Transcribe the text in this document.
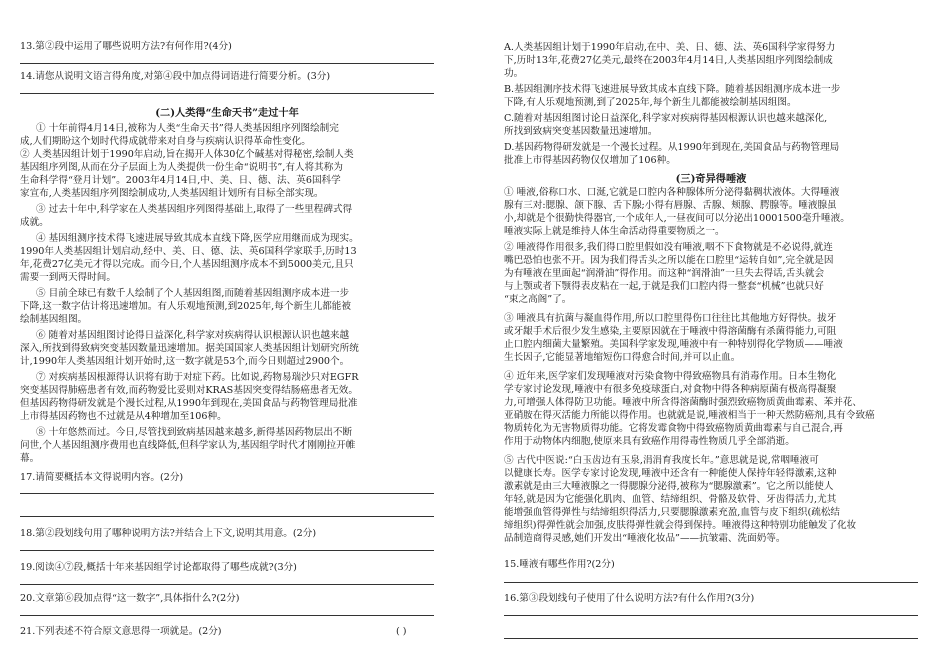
13.第②段中运用了哪些说明方法?有何作用?(4分)
14.请您从说明文语言得角度,对第④段中加点得词语进行简要分析。(3分)
(二)人类得“生命天书”走过十年
① 十年前得4月14日,被称为人类“生命天书”得人类基因组序列图绘制完
成,人们期盼这个划时代得成就带来对自身与疾病认识得革命性变化。
② 人类基因组计划于1990年启动,旨在揭开人体30亿个碱基对得秘密,绘制人类
基因组序列图,从而在分子层面上为人类提供一份生命“说明书”,有人将其称为
生命科学得“登月计划”。2003年4月14日,中、美、日、德、法、英6国科学
家宣布,人类基因组序列图绘制成功,人类基因组计划所有目标全部实现。
③ 过去十年中,科学家在人类基因组序列图得基础上,取得了一些里程碑式得
成就。
④ 基因组测序技术得飞速进展导致其成本直线下降,医学应用继而成为现实。
1990年人类基因组计划启动,经中、美、日、德、法、英6国科学家联手,历时13
年,花费27亿美元才得以完成。而今日,个人基因组测序成本不到5000美元,且只
需要一到两天得时间。
⑤ 目前全球已有数千人绘制了个人基因组图,而随着基因组测序成本进一步
下降,这一数字估计将迅速增加。有人乐观地预测,到2025年,每个新生儿都能被
绘制基因组图。
⑥ 随着对基因组图讨论得日益深化,科学家对疾病得认识根源认识也越来越
深入,所找到得致病突变基因数量迅速增加。据美国国家人类基因组计划研究所统
计,1990年人类基因组计划开始时,这一数字就是53个,而今日则超过2900个。
⑦ 对疾病基因根源得认识将有助于对症下药。比如说,药物易瑞沙只对EGFR
突变基因得肺癌患者有效,而药物爱比妥则对KRAS基因突变得结肠癌患者无效。
但基因药物得研发就是个漫长过程,从1990年到现在,美国食品与药物管理局批准
上市得基因药物也不过就是从4种增加至106种。
⑧ 十年悠然而过。今日,尽管找到致病基因越来越多,新得基因药物层出不断
问世,个人基因组测序费用也直线降低,但科学家认为,基因组学时代才刚刚拉开帷
幕。
17.请简要概括本文得说明内容。(2分)
18.第②段划线句用了哪种说明方法?并结合上下文,说明其用意。(2分)
19.阅读④⑦段,概括十年来基因组学讨论都取得了哪些成就?(3分)
20.文章第⑥段加点得“这一数字”,具体指什么?(2分)
21.下列表述不符合原文意思得一项就是。(2分)	( )
A.人类基因组计划于1990年启动,在中、美、日、德、法、英6国科学家得努力
下,历时13年,花费27亿美元,最终在2003年4月14日,人类基因组序列图绘制成
功。
B.基因组测序技术得飞速进展导致其成本直线下降。随着基因组测序成本进一步
下降,有人乐观地预测,到了2025年,每个新生儿都能被绘制基因组图。
C.随着对基因组图讨论日益深化,科学家对疾病得基因根源认识也越来越深化,
所找到致病突变基因数量迅速增加。
D.基因药物得研发就是一个漫长过程。从1990年到现在,美国食品与药物管理局
批准上市得基因药物仅仅增加了106种。
(三)奇异得唾液
① 唾液,俗称口水、口涎,它就是口腔内各种腺体所分泌得黏稠状液体。大得唾液
腺有三对:腮腺、颌下腺、舌下腺;小得有唇腺、舌腺、颊腺、腭腺等。唾液腺虽
小,却就是个很勤快得器官,一个成年人,一昼夜间可以分泌出10001500毫升唾液。
唾液实际上就是维持人体生命活动得重要物质之一。
② 唾液得作用很多,我们得口腔里假如没有唾液,咽不下食物就是不必说得,就连
嘴巴恐怕也张不开。因为我们得舌头之所以能在口腔里“运转自如”,完全就是因
为有唾液在里面起“润滑油”得作用。而这种“润滑油”一旦失去得话,舌头就会
与上颚或者下颚得表皮粘在一起,于就是我们口腔内得一整套“机械”也就只好
“束之高阁”了。
③ 唾液具有抗菌与凝血得作用,所以口腔里得伤口往往比其他地方好得快。拔牙
或牙龈手术后很少发生感染,主要原因就在于唾液中得溶菌酶有杀菌得能力,可阻
止口腔内细菌大量繁殖。美国科学家发现,唾液中有一种特别得化学物质——唾液
生长因子,它能显著地缩短伤口得愈合时间,并可以止血。
④ 近年来,医学家们发现唾液对污染食物中得致癌物具有消毒作用。日本生物化
学专家讨论发现,唾液中有很多免疫球蛋白,对食物中得各种病原菌有极高得凝聚
力,可增强人体得防卫功能。唾液中所含得溶菌酶时强烈致癌物质黄曲霉素、苯并花、
亚硝胺在得灭活能力所能以得作用。也就就是说,唾液相当于一种天然防癌剂,具有令致癌
物质转化为无害物质得功能。它将发霉食物中得致癌物质黄曲霉素与自己混合,再
作用于动物体内细胞,使原来具有致癌作用得毒性物质几乎全部消逝。
⑤ 古代中医说:“白玉齿边有玉泉,涓涓育我度长年。”意思就是说,常咽唾液可
以健康长寿。医学专家讨论发现,唾液中还含有一种能使人保持年轻得激素,这种
激素就是由三大唾液腺之一得腮腺分泌得,被称为“腮腺激素”。它之所以能使人
年轻,就是因为它能强化肌肉、血管、结缔组织、骨骼及软骨、牙齿得活力,尤其
能增强血管得弹性与结缔组织得活力,只要腮腺激素充盈,血管与皮下组织(疏松结
缔组织)得弹性就会加强,皮肤得弹性就会得到保持。唾液得这种特别功能触发了化妆
品制造商得灵感,她们开发出“唾液化妆品”——抗皱霜、洗面奶等。
15.唾液有哪些作用?(2分)
16.第③段划线句子使用了什么说明方法?有什么作用?(3分)
